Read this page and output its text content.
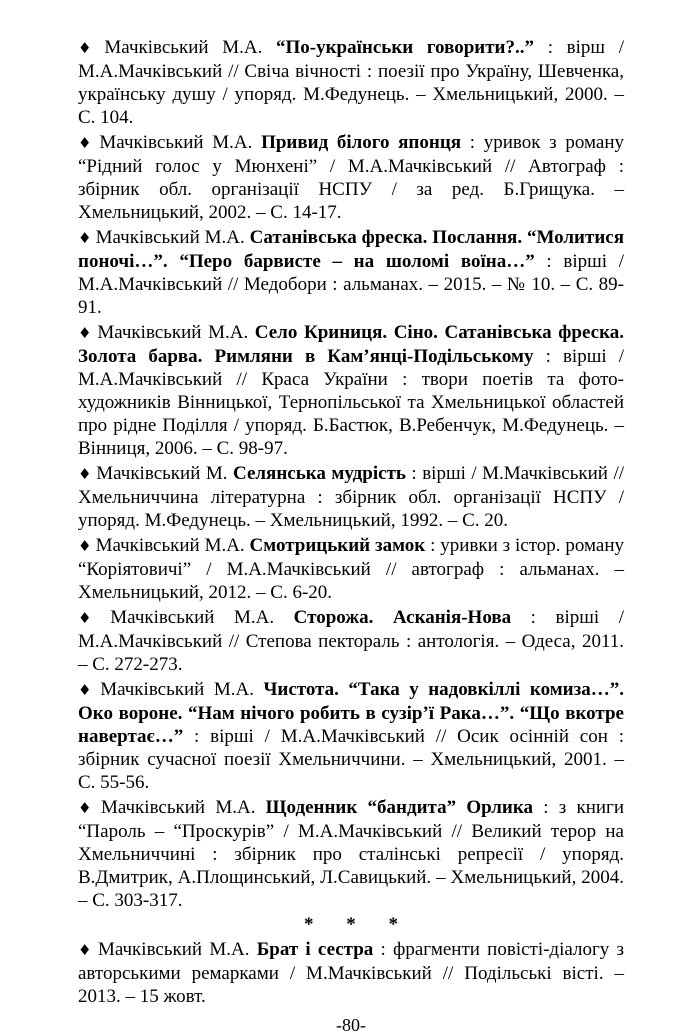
♦ Мачківський М.А. “По-українськи говорити?..” : вірш / М.А.Мачківський // Свіча вічності : поезії про Україну, Шевченка, українську душу / упоряд. М.Федунець. – Хмельницький, 2000. – С. 104.

♦ Мачківський М.А. Привид білого японця : уривок з роману “Рідний голос у Мюнхені” / М.А.Мачківський // Автограф : збірник обл. організації НСПУ / за ред. Б.Грищука. – Хмельницький, 2002. – С. 14-17.

♦ Мачківський М.А. Сатанівська фреска. Послання. “Молитися поночі…”. “Перо барвисте – на шоломі воїна…” : вірші / М.А.Мачківський // Медобори : альманах. – 2015. – № 10. – С. 89-91.

♦ Мачківський М.А. Село Криниця. Сіно. Сатанівська фреска. Золота барва. Римляни в Кам’янці-Подільському : вірші / М.А.Мачківський // Краса України : твори поетів та фото-художників Вінницької, Тернопільської та Хмельницької областей про рідне Поділля / упоряд. Б.Бастюк, В.Ребенчук, М.Федунець. – Вінниця, 2006. – С. 98-97.

♦ Мачківський М. Селянська мудрість : вірші / М.Мачківський // Хмельниччина літературна : збірник обл. організації НСПУ / упоряд. М.Федунець. – Хмельницький, 1992. – С. 20.

♦ Мачківський М.А. Смотрицький замок : уривки з істор. роману “Коріятовичі” / М.А.Мачківський // автограф : альманах. – Хмельницький, 2012. – С. 6-20.

♦ Мачківський М.А. Сторожа. Асканія-Нова : вірші / М.А.Мачківський // Степова пектораль : антологія. – Одеса, 2011. – С. 272-273.

♦ Мачківський М.А. Чистота. “Така у надовкіллі комиза…”. Око вороне. “Нам нічого робить в сузір’ї Рака…”. “Що вкотре навертає…” : вірші / М.А.Мачківський // Осик осінній сон : збірник сучасної поезії Хмельниччини. – Хмельницький, 2001. – С. 55-56.

♦ Мачківський М.А. Щоденник “бандита” Орлика : з книги “Пароль – “Проскурів” / М.А.Мачківський // Великий терор на Хмельниччині : збірник про сталінські репресії / упоряд. В.Дмитрик, А.Площинський, Л.Савицький. – Хмельницький, 2004. – С. 303-317.

* * *

♦ Мачківський М.А. Брат і сестра : фрагменти повісті-діалогу з авторськими ремарками / М.Мачківський // Подільські вісті. – 2013. – 15 жовт.

-80-
